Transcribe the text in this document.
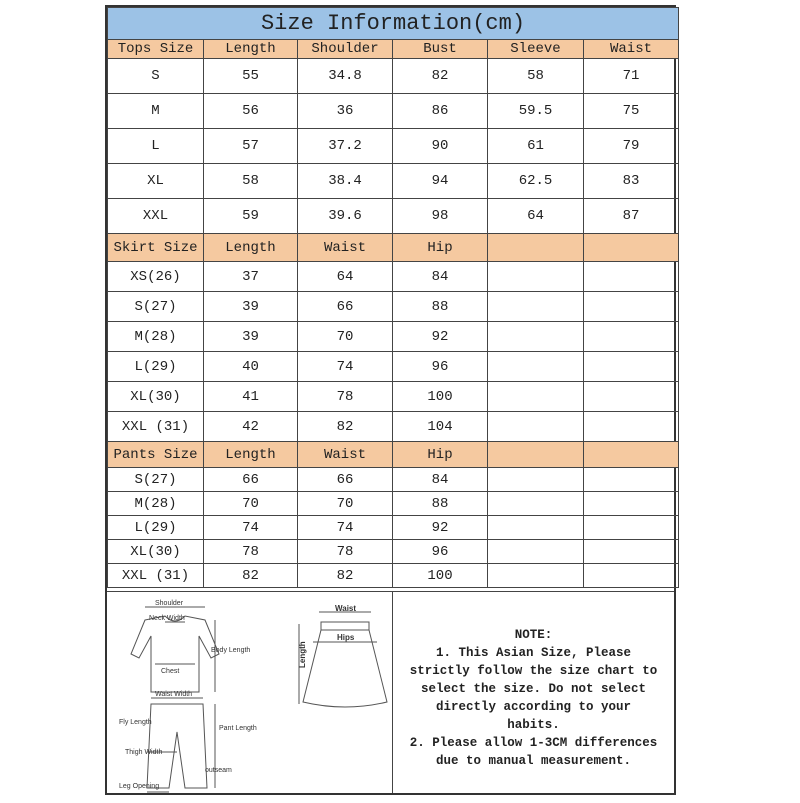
Size Information(cm)					
Tops Size	Length	Shoulder	Bust	Sleeve	Waist
S	55	34.8	82	58	71
M	56	36	86	59.5	75
L	57	37.2	90	61	79
XL	58	38.4	94	62.5	83
XXL	59	39.6	98	64	87
Skirt Size	Length	Waist	Hip		
XS(26)	37	64	84		
S(27)	39	66	88		
M(28)	39	70	92		
L(29)	40	74	96		
XL(30)	41	78	100		
XXL (31)	42	82	104		
Pants Size	Length	Waist	Hip		
S(27)	66	66	84		
M(28)	70	70	88		
L(29)	74	74	92		
XL(30)	78	78	96		
XXL (31)	82	82	100		
Shoulder
Neck Width
Chest
Body Length
Waist
Hips
Length
Waist Width
Fly Length
Pant Length
Thigh Width
Leg Opening
outseam
NOTE:
1. This Asian Size, Please
strictly follow the size chart to
select the size. Do not select
directly according to your
habits.
2. Please allow 1-3CM differences
due to manual measurement.
